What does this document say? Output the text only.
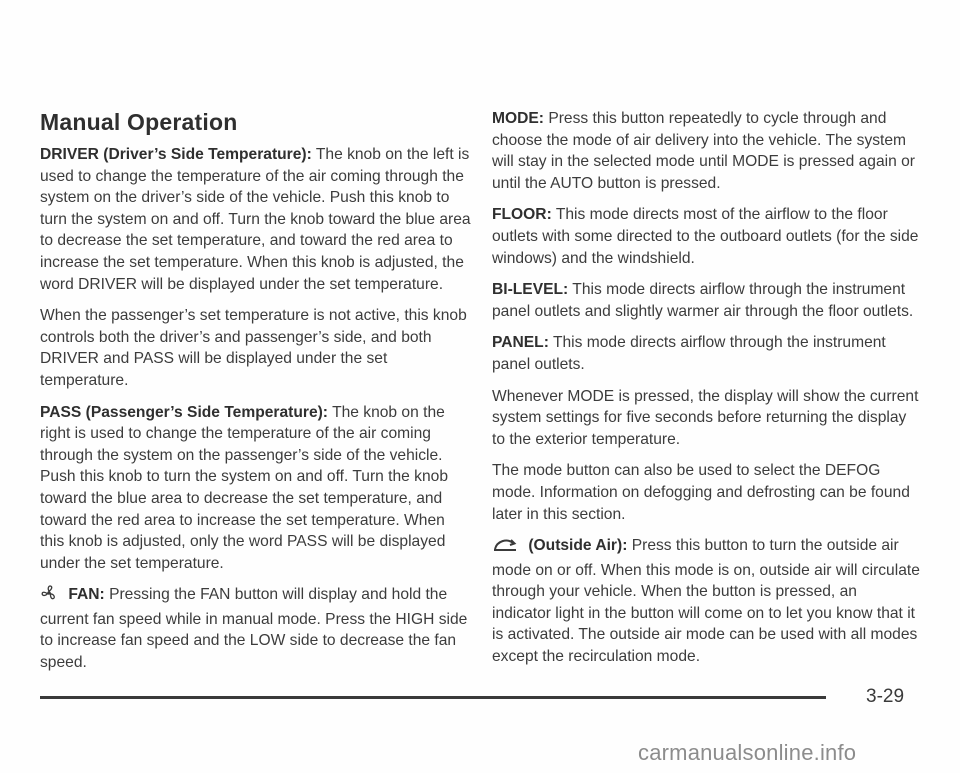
Manual Operation

DRIVER (Driver’s Side Temperature): The knob on the left is used to change the temperature of the air coming through the system on the driver’s side of the vehicle. Push this knob to turn the system on and off. Turn the knob toward the blue area to decrease the set temperature, and toward the red area to increase the set temperature. When this knob is adjusted, the word DRIVER will be displayed under the set temperature.

When the passenger’s set temperature is not active, this knob controls both the driver’s and passenger’s side, and both DRIVER and PASS will be displayed under the set temperature.

PASS (Passenger’s Side Temperature): The knob on the right is used to change the temperature of the air coming through the system on the passenger’s side of the vehicle. Push this knob to turn the system on and off. Turn the knob toward the blue area to decrease the set temperature, and toward the red area to increase the set temperature. When this knob is adjusted, only the word PASS will be displayed under the set temperature.

FAN: Pressing the FAN button will display and hold the current fan speed while in manual mode. Press the HIGH side to increase fan speed and the LOW side to decrease the fan speed.

MODE: Press this button repeatedly to cycle through and choose the mode of air delivery into the vehicle. The system will stay in the selected mode until MODE is pressed again or until the AUTO button is pressed.

FLOOR: This mode directs most of the airflow to the floor outlets with some directed to the outboard outlets (for the side windows) and the windshield.

BI-LEVEL: This mode directs airflow through the instrument panel outlets and slightly warmer air through the floor outlets.

PANEL: This mode directs airflow through the instrument panel outlets.

Whenever MODE is pressed, the display will show the current system settings for five seconds before returning the display to the exterior temperature.

The mode button can also be used to select the DEFOG mode. Information on defogging and defrosting can be found later in this section.

(Outside Air): Press this button to turn the outside air mode on or off. When this mode is on, outside air will circulate through your vehicle. When the button is pressed, an indicator light in the button will come on to let you know that it is activated. The outside air mode can be used with all modes except the recirculation mode.

3-29
carmanualsonline.info
